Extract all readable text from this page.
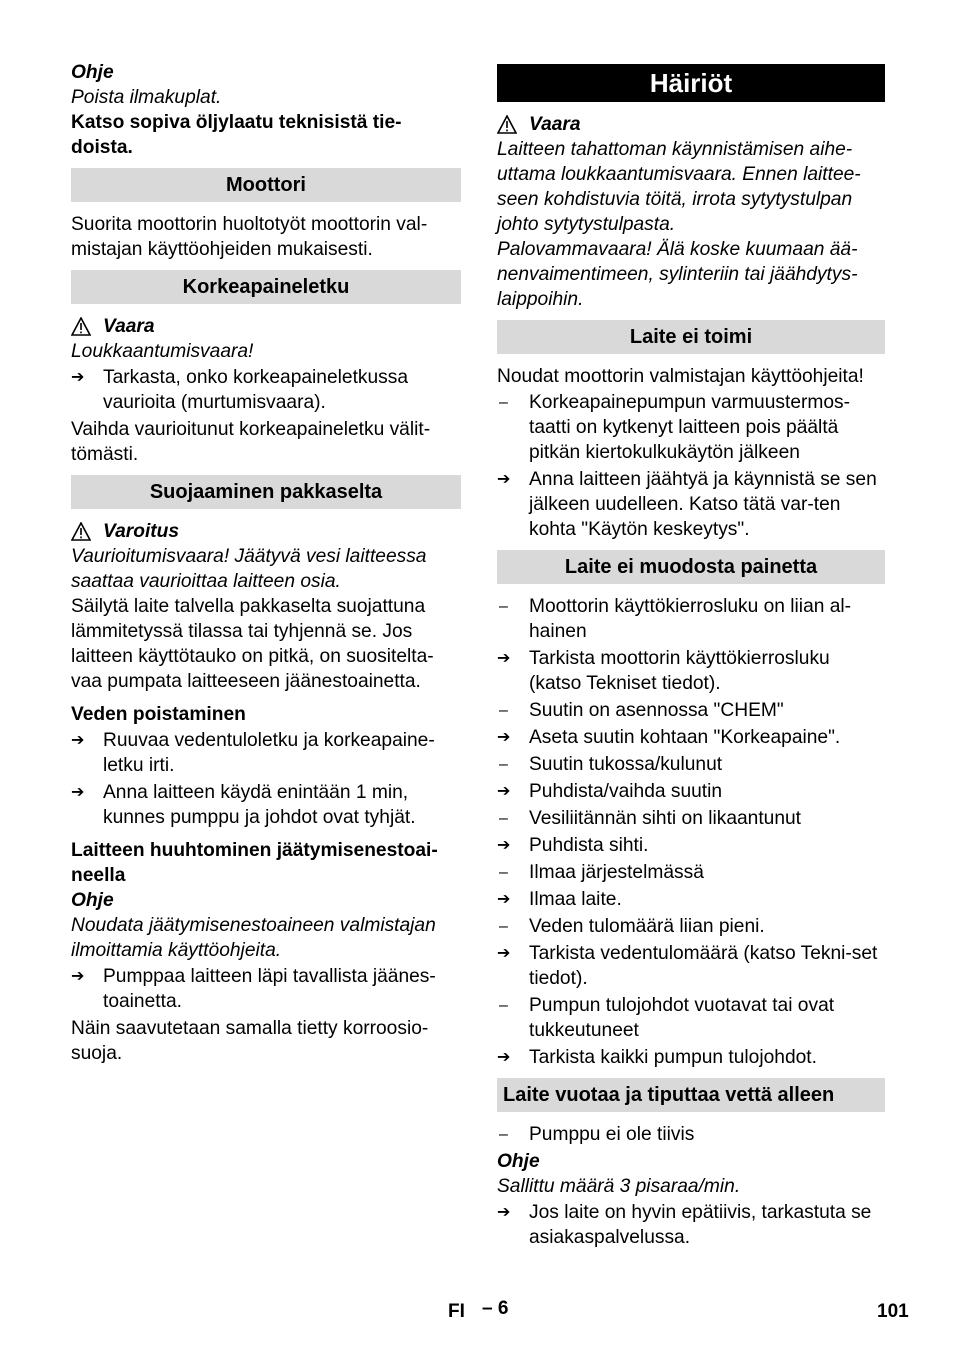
Ohje
Poista ilmakuplat.
Katso sopiva öljylaatu teknisistä tie-doista.
Moottori
Suorita moottorin huoltotyöt moottorin val-mistajan käyttöohjeiden mukaisesti.
Korkeapaineletku
Vaara
Loukkaantumisvaara!
➔ Tarkasta, onko korkeapaineletkussa vaurioita (murtumisvaara).
Vaihda vaurioitunut korkeapaineletku välit-tömästi.
Suojaaminen pakkaselta
Varoitus
Vaurioitumisvaara! Jäätyvä vesi laitteessa saattaa vaurioittaa laitteen osia.
Säilytä laite talvella pakkaselta suojattuna lämmitetyssä tilassa tai tyhjennä se. Jos laitteen käyttötauko on pitkä, on suositelta-vaa pumpata laitteeseen jäänestoainetta.
Veden poistaminen
➔ Ruuvaa vedentuloletku ja korkeapaine-letku irti.
➔ Anna laitteen käydä enintään 1 min, kunnes pumppu ja johdot ovat tyhjät.
Laitteen huuhtominen jäätymisenestoai-neella
Ohje
Noudata jäätymisenestoaineen valmistajan ilmoittamia käyttöohjeita.
➔ Pumppaa laitteen läpi tavallista jäänes-toainetta.
Näin saavutetaan samalla tietty korroosio-suoja.
Häiriöt
Vaara
Laitteen tahattoman käynnistämisen aihe-uttama loukkaantumisvaara. Ennen laittee-seen kohdistuvia töitä, irrota sytytystulpan johto sytytystulpasta.
Palovammavaara! Älä koske kuumaan ää-nenvaimentimeen, sylinteriin tai jäähdytys-laippoihin.
Laite ei toimi
Noudat moottorin valmistajan käyttöohjeita!
–	Korkeapainepumpun varmuustermos-taatti on kytkenyt laitteen pois päältä pitkän kiertokulkukäytön jälkeen
➔ Anna laitteen jäähtyä ja käynnistä se sen jälkeen uudelleen. Katso tätä var-ten kohta "Käytön keskeytys".
Laite ei muodosta painetta
–	Moottorin käyttökierrosluku on liian al-hainen
➔ Tarkista moottorin käyttökierrosluku (katso Tekniset tiedot).
–	Suutin on asennossa "CHEM"
➔ Aseta suutin kohtaan "Korkeapaine".
–	Suutin tukossa/kulunut
➔ Puhdista/vaihda suutin
–	Vesiliitännän sihti on likaantunut
➔ Puhdista sihti.
–	Ilmaa järjestelmässä
➔ Ilmaa laite.
–	Veden tulomäärä liian pieni.
➔ Tarkista vedentulomäärä (katso Tekni-set tiedot).
–	Pumpun tulojohdot vuotavat tai ovat tukkeutuneet
➔ Tarkista kaikki pumpun tulojohdot.
Laite vuotaa ja tiputtaa vettä alleen
–	Pumppu ei ole tiivis
Ohje
Sallittu määrä 3 pisaraa/min.
➔ Jos laite on hyvin epätiivis, tarkastuta se asiakaspalvelussa.
FI – 6	101
